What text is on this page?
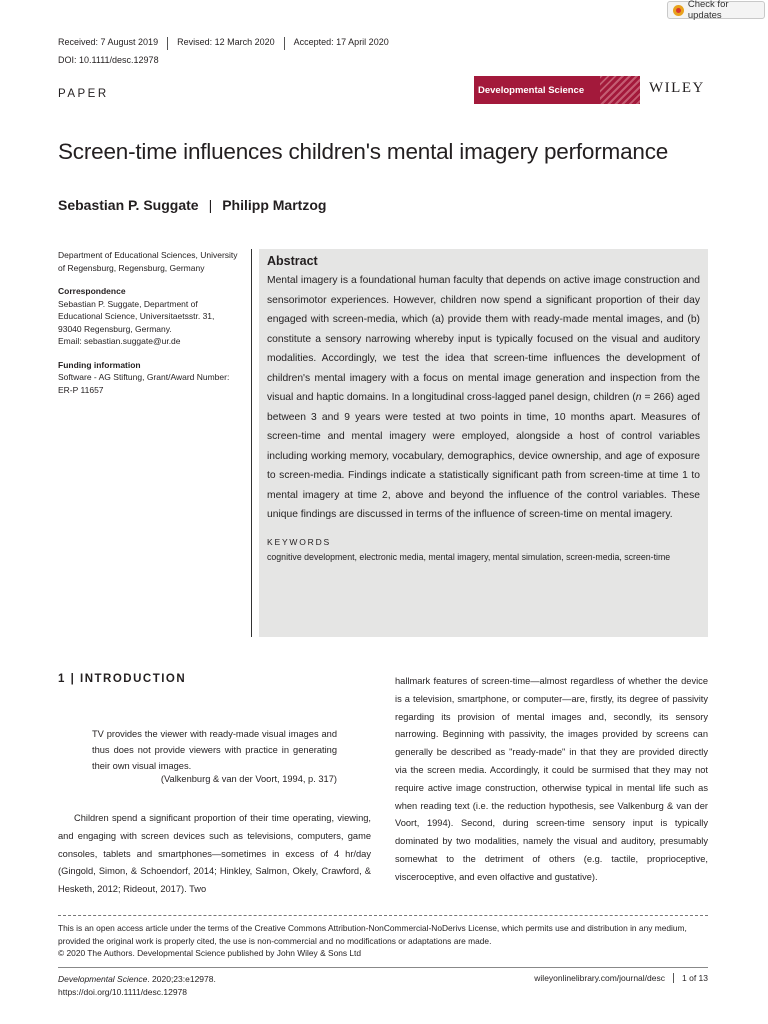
Check for updates
Received: 7 August 2019	Revised: 12 March 2020	Accepted: 17 April 2020
DOI: 10.1111/desc.12978
PAPER	Developmental Science	WILEY
Screen-time influences children's mental imagery performance
Sebastian P. Suggate | Philipp Martzog

Department of Educational Sciences, University of Regensburg, Regensburg, Germany

Correspondence
Sebastian P. Suggate, Department of Educational Science, Universitaetsstr. 31, 93040 Regensburg, Germany.
Email: sebastian.suggate@ur.de

Funding information
Software - AG Stiftung, Grant/Award Number: ER-P 11657

Abstract

Mental imagery is a foundational human faculty that depends on active image construction and sensorimotor experiences. However, children now spend a significant proportion of their day engaged with screen-media, which (a) provide them with ready-made mental images, and (b) constitute a sensory narrowing whereby input is typically focused on the visual and auditory modalities. Accordingly, we test the idea that screen-time influences the development of children's mental imagery with a focus on mental image generation and inspection from the visual and haptic domains. In a longitudinal cross-lagged panel design, children (n = 266) aged between 3 and 9 years were tested at two points in time, 10 months apart. Measures of screen-time and mental imagery were employed, alongside a host of control variables including working memory, vocabulary, demographics, device ownership, and age of exposure to screen-media. Findings indicate a statistically significant path from screen-time at time 1 to mental imagery at time 2, above and beyond the influence of the control variables. These unique findings are discussed in terms of the influence of screen-time on mental imagery.

KEYWORDS
cognitive development, electronic media, mental imagery, mental simulation, screen-media, screen-time
1 | INTRODUCTION
TV provides the viewer with ready-made visual images and thus does not provide viewers with practice in generating their own visual images.
(Valkenburg & van der Voort, 1994, p. 317)

Children spend a significant proportion of their time operating, viewing, and engaging with screen devices such as televisions, computers, game consoles, tablets and smartphones—sometimes in excess of 4 hr/day (Gingold, Simon, & Schoendorf, 2014; Hinkley, Salmon, Okely, Crawford, & Hesketh, 2012; Rideout, 2017). Two

hallmark features of screen-time—almost regardless of whether the device is a television, smartphone, or computer—are, firstly, its degree of passivity regarding its provision of mental images and, secondly, its sensory narrowing. Beginning with passivity, the images provided by screens can generally be described as "ready-made" in that they are provided directly via the screen media. Accordingly, it could be surmised that they may not require active image construction, otherwise typical in mental life such as when reading text (i.e. the reduction hypothesis, see Valkenburg & van der Voort, 1994). Second, during screen-time sensory input is typically dominated by two modalities, namely the visual and auditory, presumably somewhat to the detriment of others (e.g. tactile, proprioceptive, visceroceptive, and even olfactive and gustative).

This is an open access article under the terms of the Creative Commons Attribution-NonCommercial-NoDerivs License, which permits use and distribution in any medium, provided the original work is properly cited, the use is non-commercial and no modifications or adaptations are made.
© 2020 The Authors. Developmental Science published by John Wiley & Sons Ltd
Developmental Science. 2020;23:e12978.
https://doi.org/10.1111/desc.12978
wileyonlinelibrary.com/journal/desc	1 of 13
